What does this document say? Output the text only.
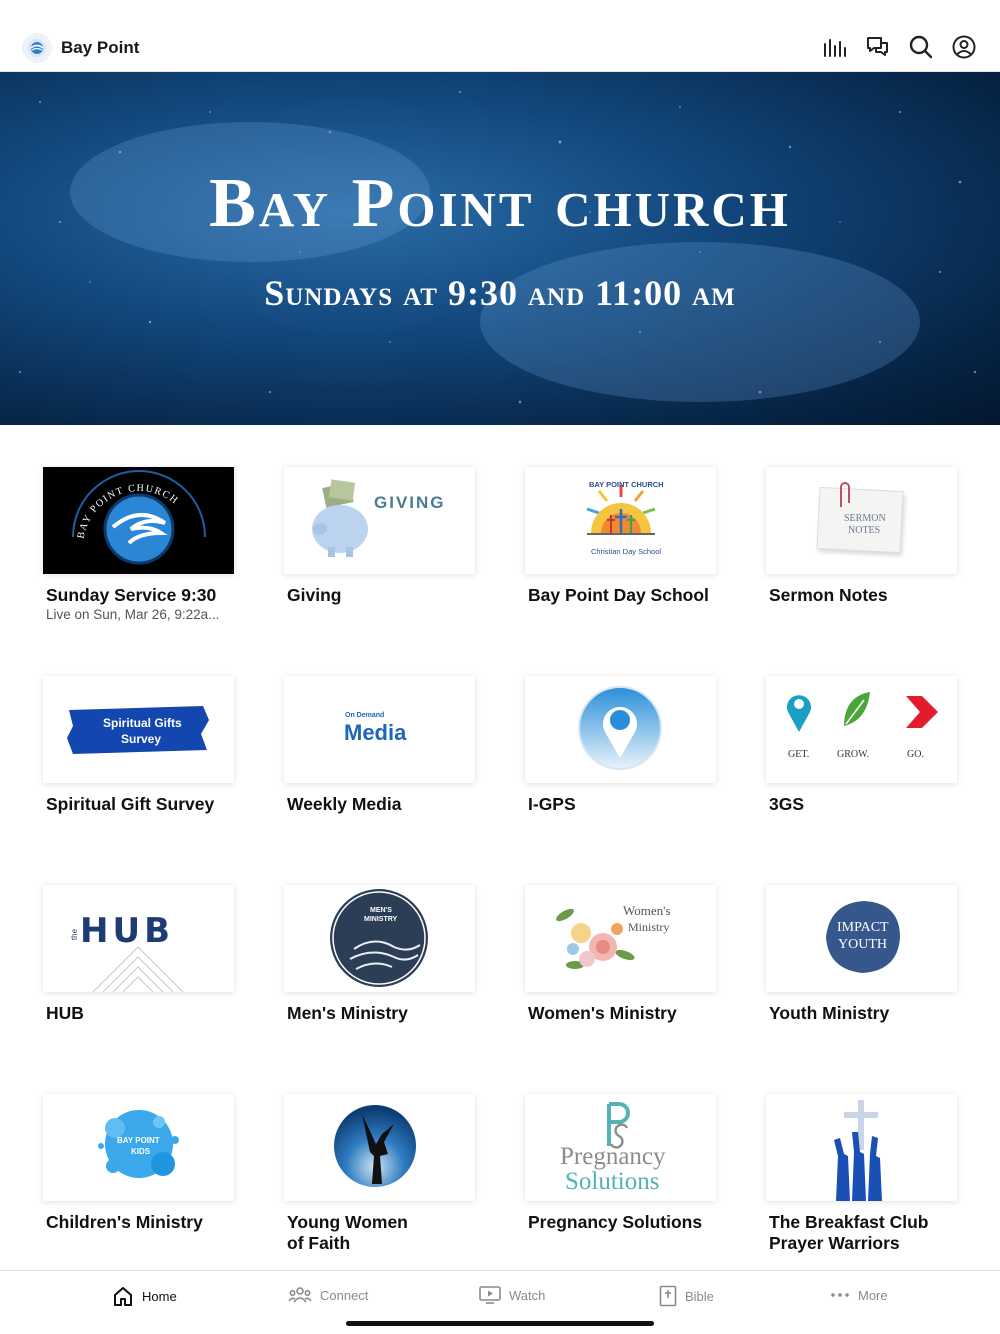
Bay Point
Bay Point church
Sundays at 9:30 and 11:00 am
BAY POINT CHURCH
Sunday Service 9:30
Live on Sun, Mar 26, 9:22a...
GIVING
Giving
BAY POINT CHURCH
Christian Day School
Bay Point Day School
SERMON
NOTES
Sermon Notes
Spiritual Gifts
Survey
Spiritual Gift Survey
On Demand
Media
Weekly Media	I-GPS
GET.	GROW.	GO.
3GS
the HUB
HUB
MEN'S
MINISTRY
Men's Ministry
Women's
Ministry
Women's Ministry
IMPACT
YOUTH
Youth Ministry
BAY POINT
KIDS
Children's Ministry	Young Women
of Faith
Pregnancy
Solutions
Pregnancy Solutions	The Breakfast Club
Prayer Warriors
Home	Connect	Watch	Bible	More
